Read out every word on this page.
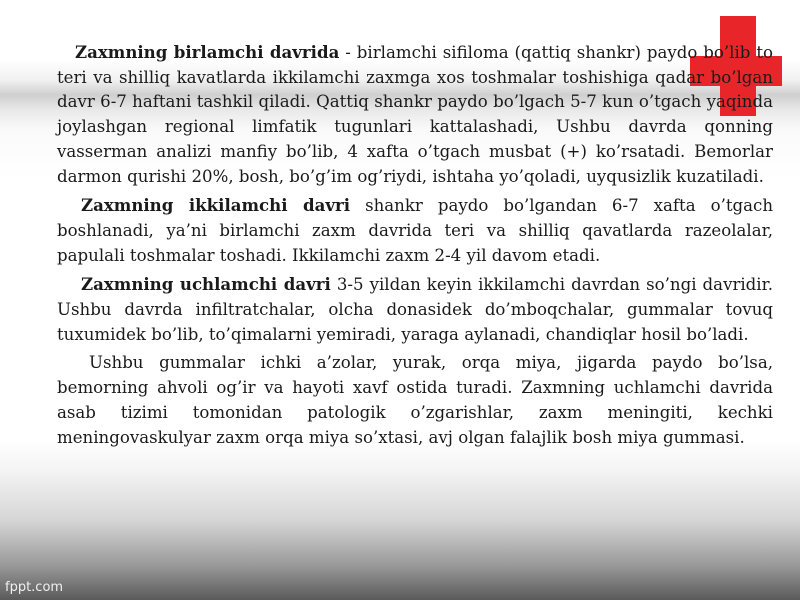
Zaxmning birlamchi davrida - birlamchi sifiloma (qattiq shankr) paydo bo’lib to teri va shilliq kavatlarda ikkilamchi zaxmga xos toshmalar toshishiga qadar bo’lgan davr 6-7 haftani tashkil qiladi. Qattiq shankr paydo bo’lgach 5-7 kun o’tgach yaqinda joylashgan regional limfatik tugunlari kattalashadi, Ushbu davrda qonning vasserman analizi manfiy bo’lib, 4 xafta o’tgach musbat (+) ko’rsatadi. Bemorlar darmon qurishi 20%, bosh, bo’g’im og’riydi, ishtaha yo’qoladi, uyqusizlik kuzatiladi.

Zaxmning ikkilamchi davri shankr paydo bo’lgandan 6-7 xafta o’tgach boshlanadi, ya’ni birlamchi zaxm davrida teri va shilliq qavatlarda razeolalar, papulali toshmalar toshadi. Ikkilamchi zaxm 2-4 yil davom etadi.

Zaxmning uchlamchi davri 3-5 yildan keyin ikkilamchi davrdan so’ngi davridir. Ushbu davrda infiltratchalar, olcha donasidek do’mboqchalar, gummalar tovuq tuxumidek bo’lib, to’qimalarni yemiradi, yaraga aylanadi, chandiqlar hosil bo’ladi.

Ushbu gummalar ichki a’zolar, yurak, orqa miya, jigarda paydo bo’lsa, bemorning ahvoli og’ir va hayoti xavf ostida turadi. Zaxmning uchlamchi davrida asab tizimi tomonidan patologik o’zgarishlar, zaxm meningiti, kechki meningovaskulyar zaxm orqa miya so’xtasi, avj olgan falajlik bosh miya gummasi.

fppt.com
